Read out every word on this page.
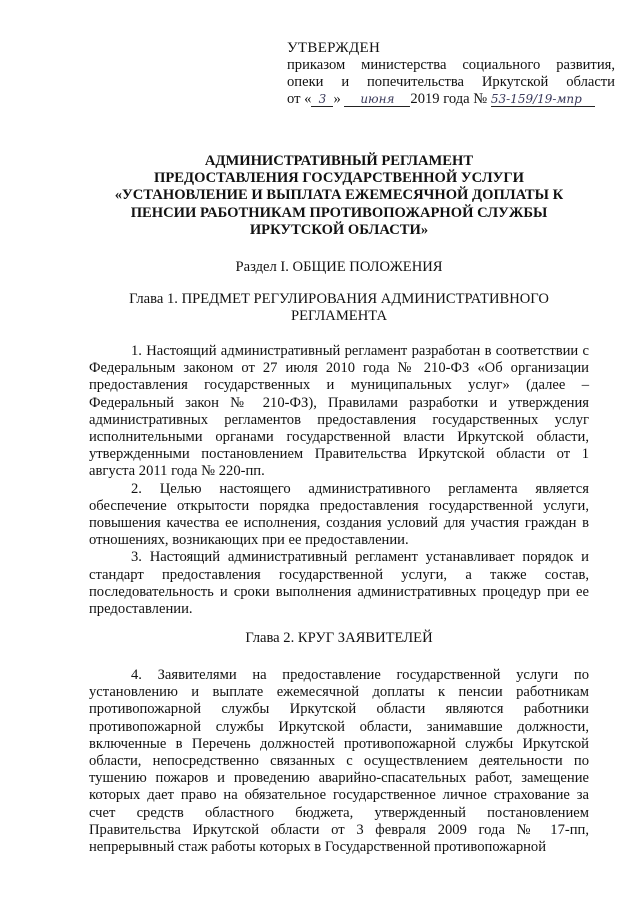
УТВЕРЖДЕН
приказом министерства социального развития,
опеки и попечительства Иркутской области
от « 3 » июня 2019 года № 53-159/19-мпр
АДМИНИСТРАТИВНЫЙ РЕГЛАМЕНТ
ПРЕДОСТАВЛЕНИЯ ГОСУДАРСТВЕННОЙ УСЛУГИ
«УСТАНОВЛЕНИЕ И ВЫПЛАТА ЕЖЕМЕСЯЧНОЙ ДОПЛАТЫ К
ПЕНСИИ РАБОТНИКАМ ПРОТИВОПОЖАРНОЙ СЛУЖБЫ
ИРКУТСКОЙ ОБЛАСТИ»
Раздел I. ОБЩИЕ ПОЛОЖЕНИЯ
Глава 1. ПРЕДМЕТ РЕГУЛИРОВАНИЯ АДМИНИСТРАТИВНОГО
РЕГЛАМЕНТА

1. Настоящий административный регламент разработан в соответствии с Федеральным законом от 27 июля 2010 года № 210-ФЗ «Об организации предоставления государственных и муниципальных услуг» (далее – Федеральный закон № 210-ФЗ), Правилами разработки и утверждения административных регламентов предоставления государственных услуг исполнительными органами государственной власти Иркутской области, утвержденными постановлением Правительства Иркутской области от 1 августа 2011 года № 220-пп.

2. Целью настоящего административного регламента является обеспечение открытости порядка предоставления государственной услуги, повышения качества ее исполнения, создания условий для участия граждан в отношениях, возникающих при ее предоставлении.

3. Настоящий административный регламент устанавливает порядок и стандарт предоставления государственной услуги, а также состав, последовательность и сроки выполнения административных процедур при ее предоставлении.

Глава 2. КРУГ ЗАЯВИТЕЛЕЙ

4. Заявителями на предоставление государственной услуги по установлению и выплате ежемесячной доплаты к пенсии работникам противопожарной службы Иркутской области являются работники противопожарной службы Иркутской области, занимавшие должности, включенные в Перечень должностей противопожарной службы Иркутской области, непосредственно связанных с осуществлением деятельности по тушению пожаров и проведению аварийно-спасательных работ, замещение которых дает право на обязательное государственное личное страхование за счет средств областного бюджета, утвержденный постановлением Правительства Иркутской области от 3 февраля 2009 года № 17-пп, непрерывный стаж работы которых в Государственной противопожарной
